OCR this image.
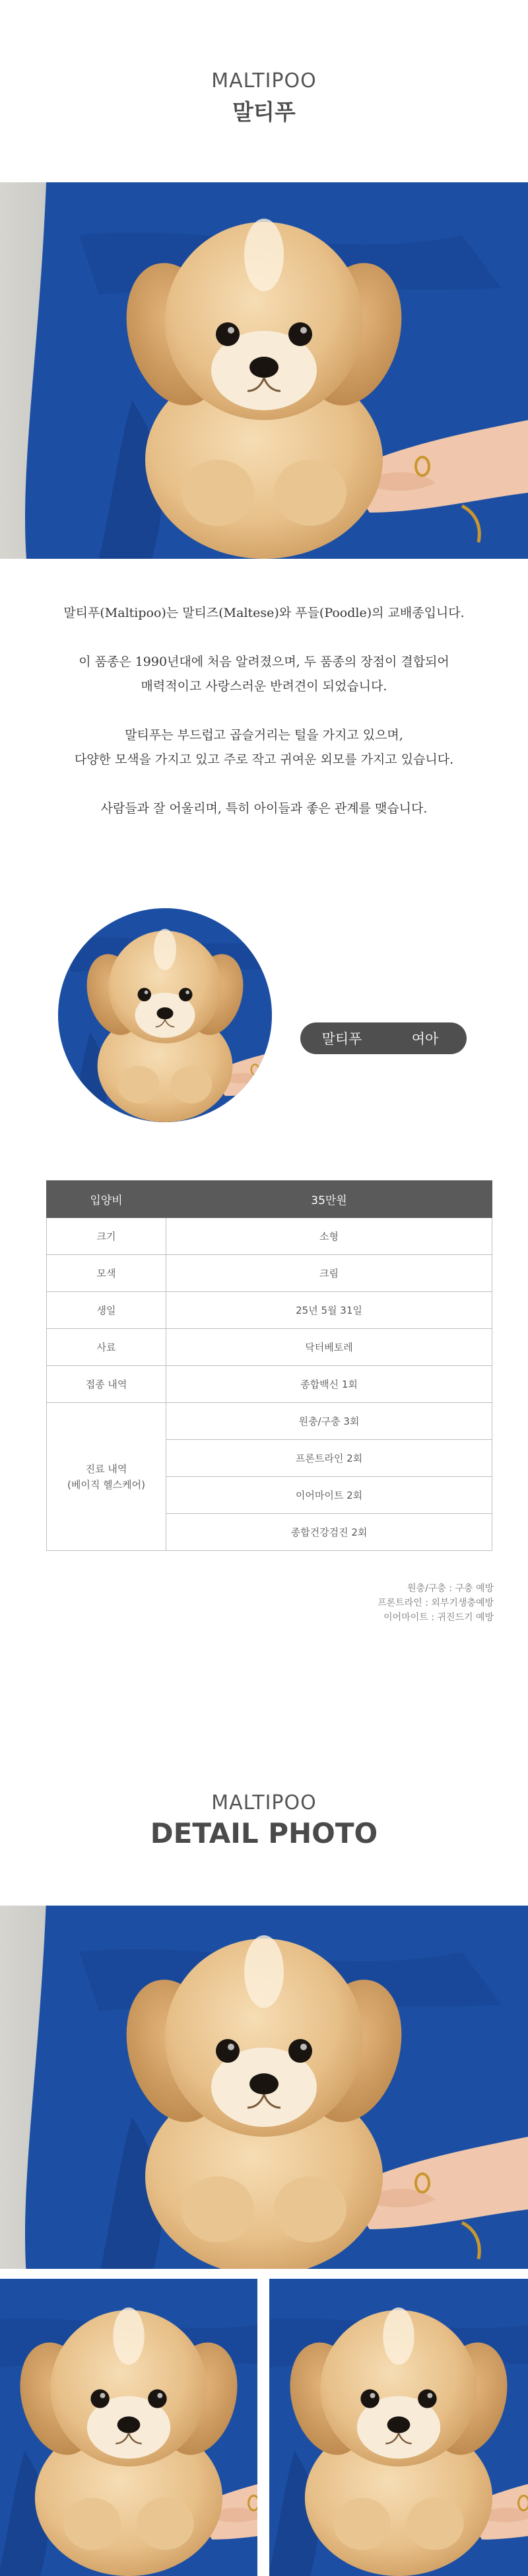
MALTIPOO
말티푸

말티푸(Maltipoo)는 말티즈(Maltese)와 푸들(Poodle)의 교배종입니다.

이 품종은 1990년대에 처음 알려졌으며, 두 품종의 장점이 결합되어
매력적이고 사랑스러운 반려견이 되었습니다.

말티푸는 부드럽고 곱슬거리는 털을 가지고 있으며,
다양한 모색을 가지고 있고 주로 작고 귀여운 외모를 가지고 있습니다.

사람들과 잘 어울리며, 특히 아이들과 좋은 관계를 맺습니다.

말티푸	여아
입양비	35만원
크기	소형
모색	크림
생일	25년 5월 31일
사료	닥터베토레
접종 내역	종합백신 1회

진료 내역
(베이직 헬스케어)	원충/구충 3회
	프론트라인 2회
	이어마이트 2회
	종합건강검진 2회
원충/구충 : 구충 예방
프론트라인 : 외부기생충예방
이어마이트 : 귀진드기 예방
MALTIPOO
DETAIL PHOTO
